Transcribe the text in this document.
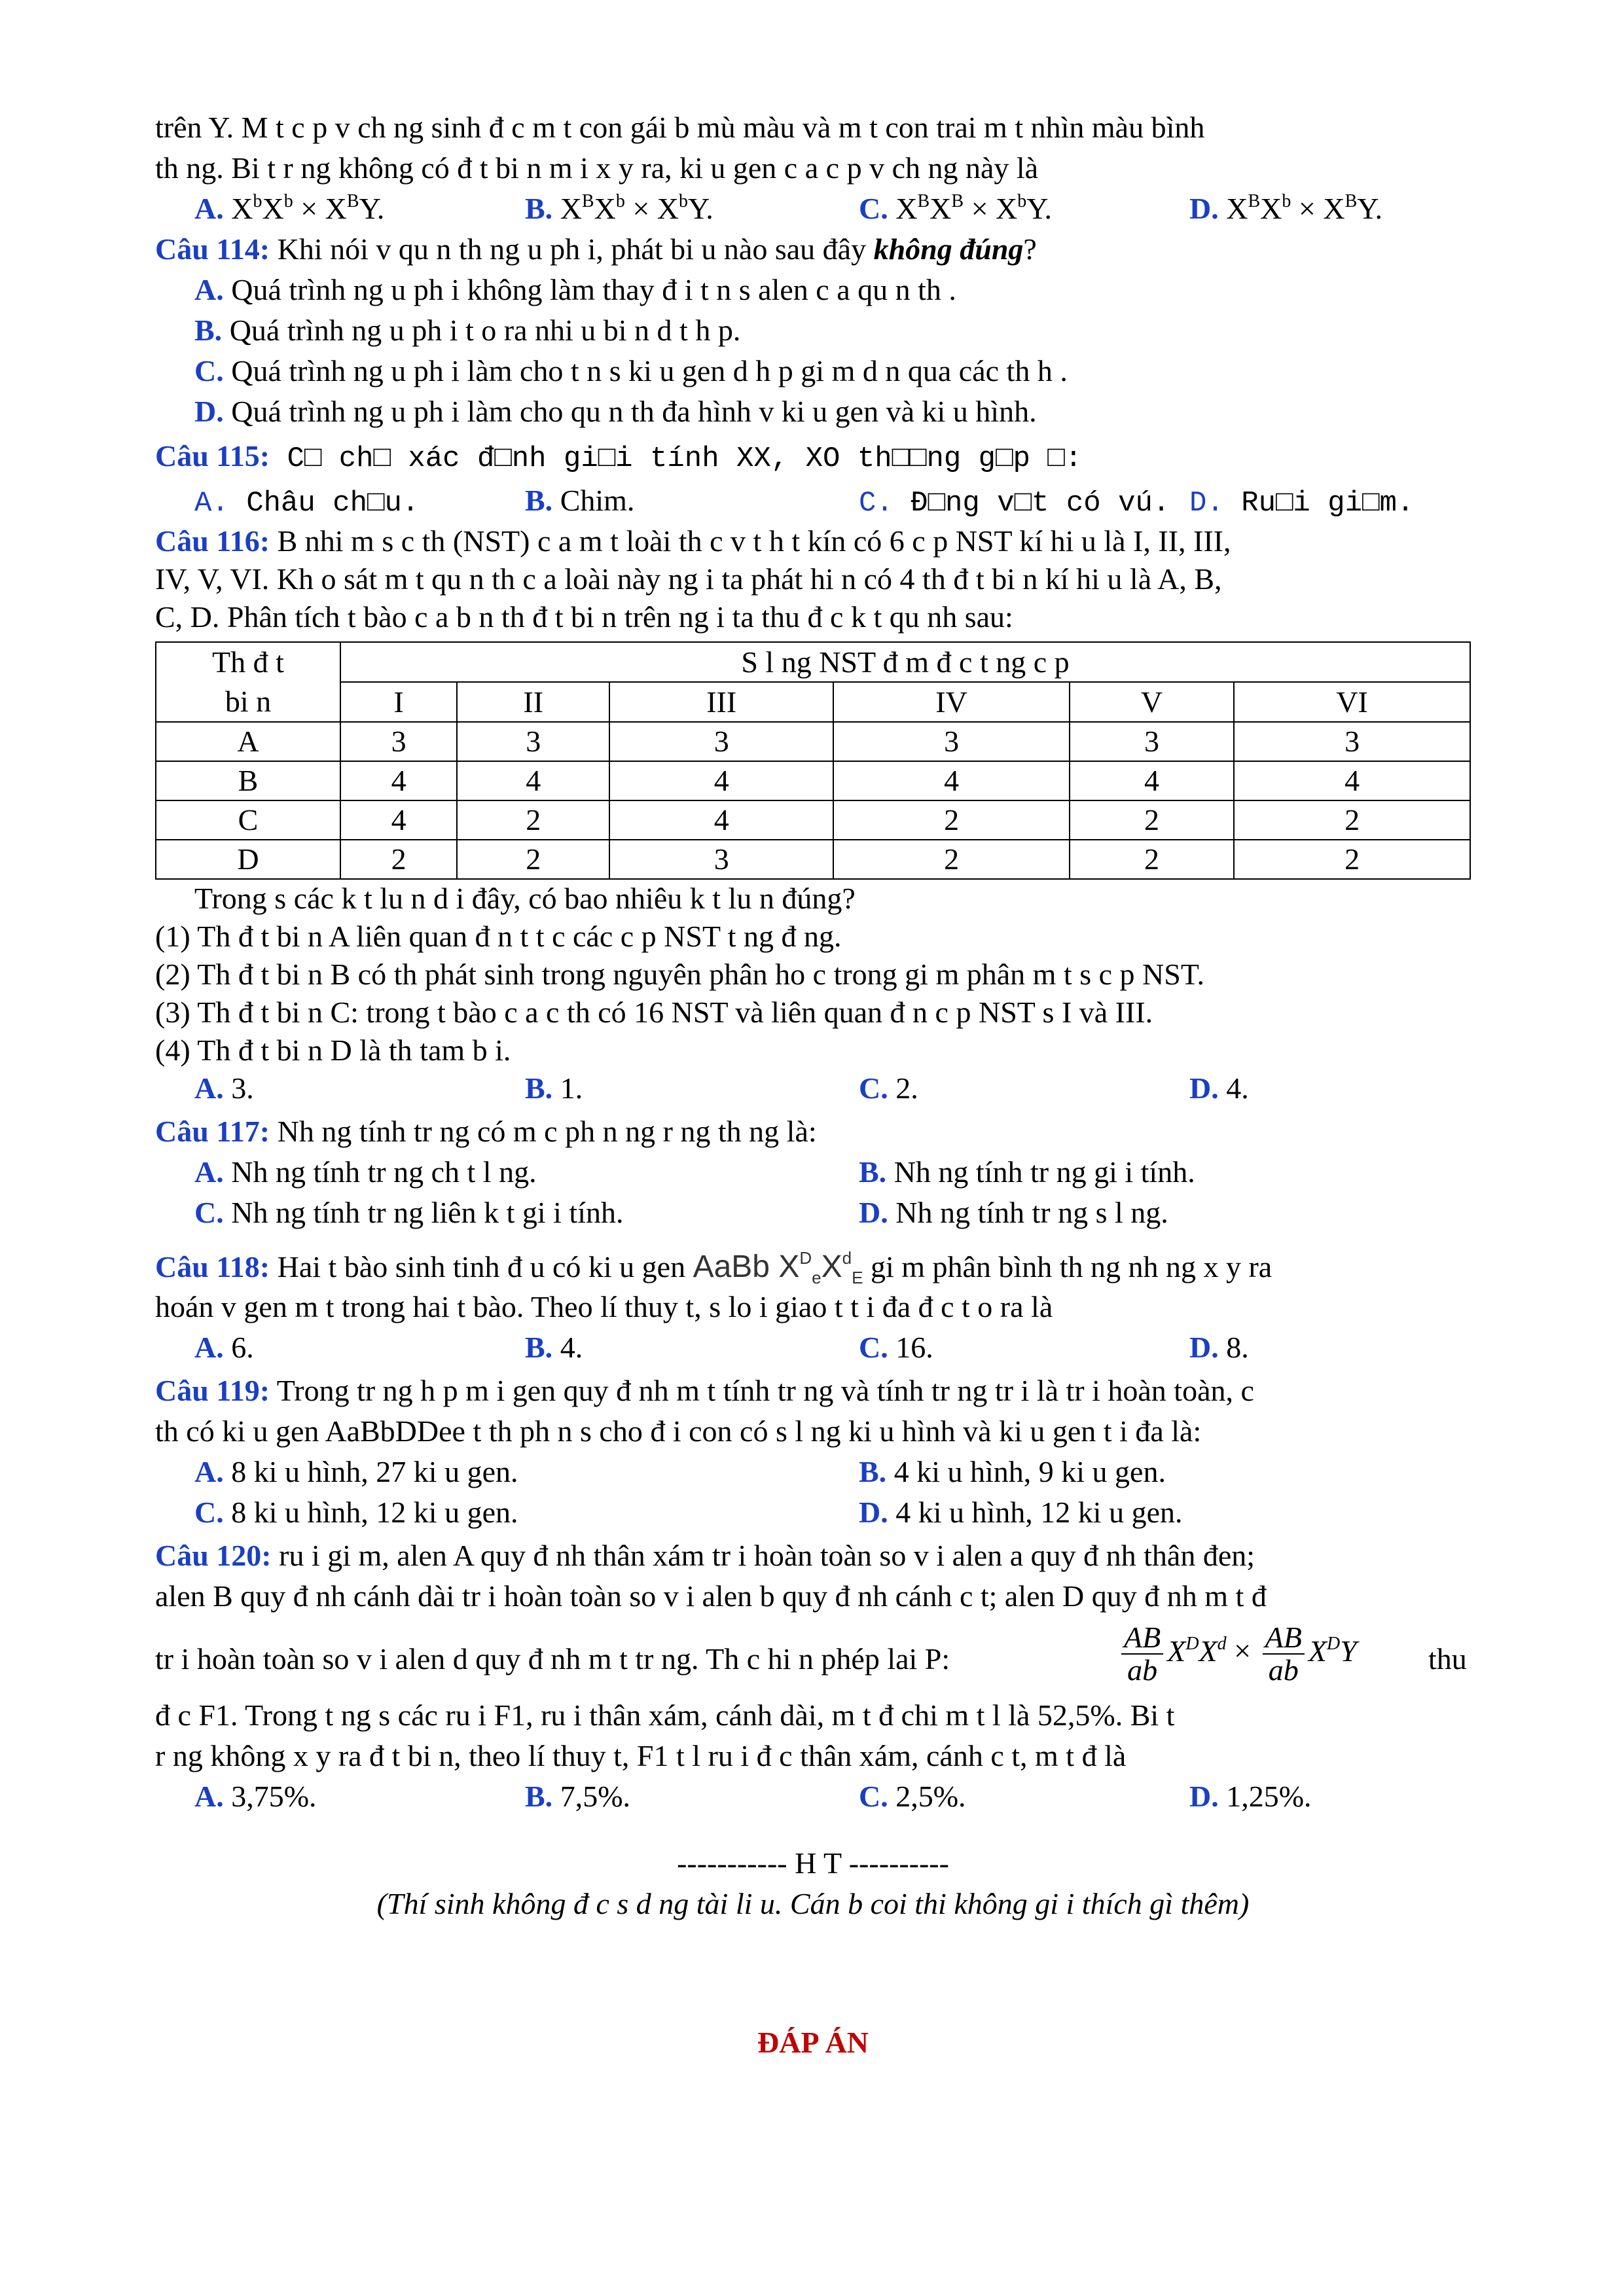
trên Y. M t c p v ch ng sinh đ c m t con gái b mù màu và m t con trai m t nhìn màu bình
th ng. Bi t r ng không có đ t bi n m i x y ra, ki u gen c a c p v ch ng này là
A. $X^bX^b \times X^BY$.	B. $X^BX^b \times X^bY$.	C. $X^BX^B \times X^bY$.	D. $X^BX^b \times X^BY$.
Câu 114: Khi nói v qu n th ng u ph i, phát bi u nào sau đây không đúng?
A. Quá trình ng u ph i không làm thay đ i t n s alen c a qu n th .
B. Quá trình ng u ph i t o ra nhi u bi n d t h p.
C. Quá trình ng u ph i làm cho t n s ki u gen d h p gi m d n qua các th h .
D. Quá trình ng u ph i làm cho qu n th đa hình v ki u gen và ki u hình.
Câu 115: C□ ch□ xác đ□nh gi□i tính XX, XO th□□ng g□p □:
A. Châu ch□u.	B. Chim.	C. Đ□ng v□t có vú. D. Ru□i gi□m.
Câu 116: B nhi m s c th (NST) c a m t loài th c v t h t kín có 6 c p NST kí hi u là I, II, III,
IV, V, VI. Kh o sát m t qu n th c a loài này ng i ta phát hi n có 4 th đ t bi n kí hi u là A, B,
C, D. Phân tích t bào c a b n th đ t bi n trên ng i ta thu đ c k t qu nh sau:
Th đ t
bi n	S l ng NST đ m đ c t ng c p					
	I	II	III	IV	V	VI
A	3	3	3	3	3	3
B	4	4	4	4	4	4
C	4	2	4	2	2	2
D	2	2	3	2	2	2
Trong s các k t lu n d i đây, có bao nhiêu k t lu n đúng?
(1) Th đ t bi n A liên quan đ n t t c các c p NST t ng đ ng.
(2) Th đ t bi n B có th phát sinh trong nguyên phân ho c trong gi m phân m t s c p NST.
(3) Th đ t bi n C: trong t bào c a c th có 16 NST và liên quan đ n c p NST s I và III.
(4) Th đ t bi n D là th tam b i.
A. 3.	B. 1.	C. 2.	D. 4.
Câu 117: Nh ng tính tr ng có m c ph n ng r ng th ng là:
A. Nh ng tính tr ng ch t l ng.	B. Nh ng tính tr ng gi i tính.
C. Nh ng tính tr ng liên k t gi i tính.	D. Nh ng tính tr ng s l ng.
Câu 118: Hai t bào sinh tinh đ u có ki u gen AaBb $X^D_eX^d_E$ gi m phân bình th ng nh ng x y ra
hoán v gen m t trong hai t bào. Theo lí thuy t, s lo i giao t t i đa đ c t o ra là
A. 6.	B. 4.	C. 16.	D. 8.
Câu 119: Trong tr ng h p m i gen quy đ nh m t tính tr ng và tính tr ng tr i là tr i hoàn toàn, c
th có ki u gen AaBbDDee t th ph n s cho đ i con có s l ng ki u hình và ki u gen t i đa là:
A. 8 ki u hình, 27 ki u gen.	B. 4 ki u hình, 9 ki u gen.
C. 8 ki u hình, 12 ki u gen.	D. 4 ki u hình, 12 ki u gen.
Câu 120: ru i gi m, alen A quy đ nh thân xám tr i hoàn toàn so v i alen a quy đ nh thân đen;
alen B quy đ nh cánh dài tr i hoàn toàn so v i alen b quy đ nh cánh c t; alen D quy đ nh m t đ
tr i hoàn toàn so v i alen d quy đ nh m t tr ng. Th c hi n phép lai P:	$\frac{AB}{ab} X^DX^d \times \frac{AB}{ab} X^DY$ thu
đ c F1. Trong t ng s các ru i F1, ru i thân xám, cánh dài, m t đ chi m t l là 52,5%. Bi t
r ng không x y ra đ t bi n, theo lí thuy t, F1 t l ru i đ c thân xám, cánh c t, m t đ là
A. 3,75%.	B. 7,5%.	C. 2,5%.	D. 1,25%.
----------- H T ----------
(Thí sinh không đ c s d ng tài li u. Cán b coi thi không gi i thích gì thêm)
ĐÁP ÁN
